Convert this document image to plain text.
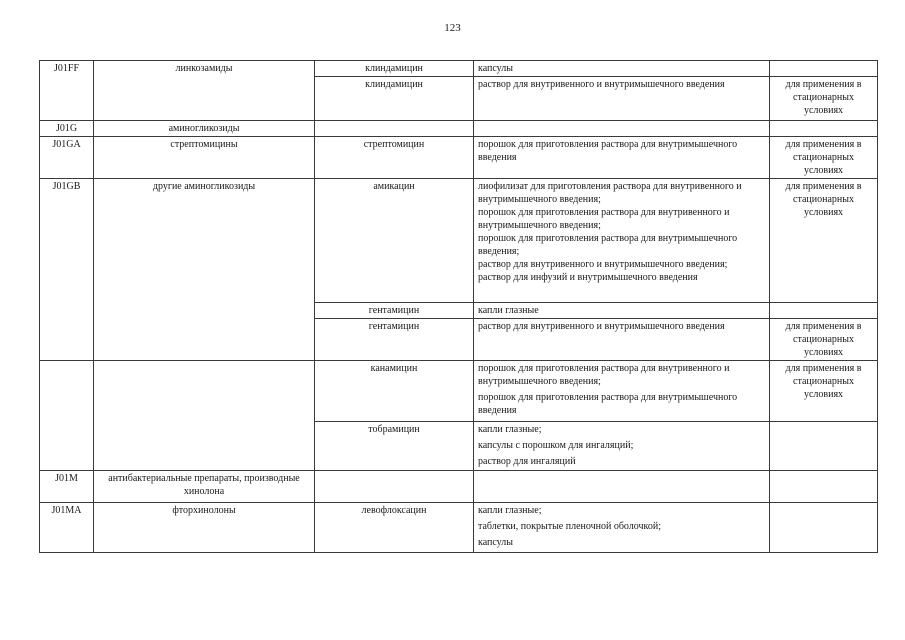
123
J01FF	линкозамиды	клиндамицин	капсулы	

		клиндамицин	раствор для внутривенного и внутримышечного введения	для применения в стационарных условиях
J01G	аминогликозиды			
J01GA	стрептомицины	стрептомицин	порошок для приготовления раствора для внутримышечного введения	для применения в стационарных условиях
J01GB	другие аминогликозиды	амикацин	лиофилизат для приготовления раствора для внутривенного и внутримышечного введения;
порошок для приготовления раствора для внутривенного и внутримышечного введения;
порошок для приготовления раствора для внутримышечного введения;
раствор для внутривенного и внутримышечного введения;
раствор для инфузий и внутримышечного введения	для применения в стационарных условиях
		гентамицин	капли глазные	

		гентамицин	раствор для внутривенного и внутримышечного введения	для применения в стационарных условиях
		канамицин	порошок для приготовления раствора для внутривенного и внутримышечного введения;
порошок для приготовления раствора для внутримышечного введения	для применения в стационарных условиях
		тобрамицин	капли глазные;
капсулы с порошком для ингаляций;
раствор для ингаляций	

J01M	антибактериальные препараты, производные хинолона			
J01MA	фторхинолоны	левофлоксацин	капли глазные;
таблетки, покрытые пленочной оболочкой;
капсулы	
